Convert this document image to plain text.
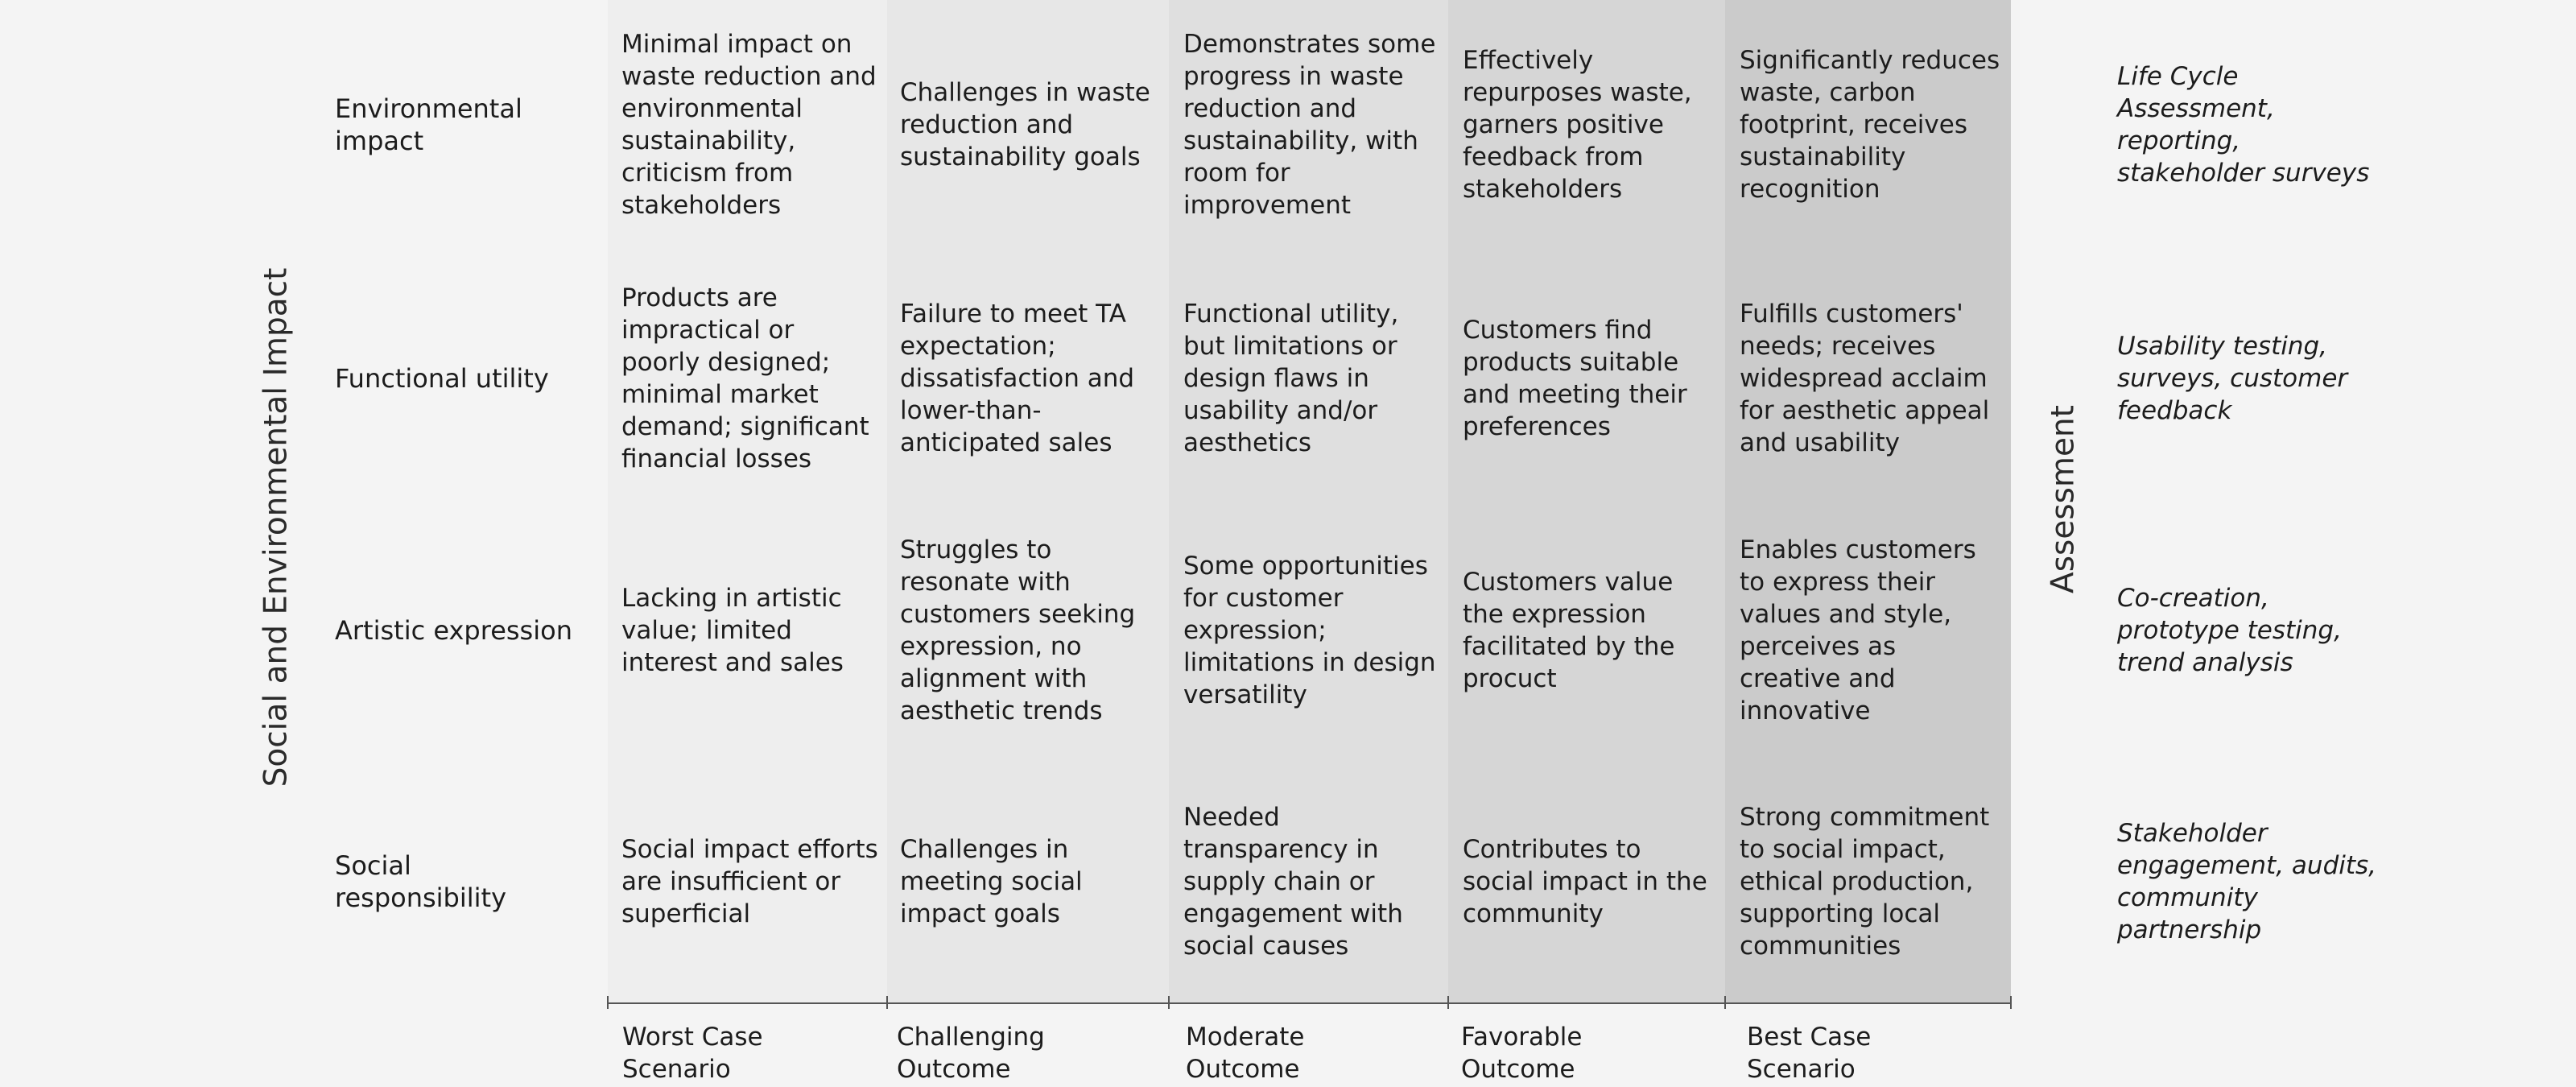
Social and Environmental Impact	Assessment
Environmental impact
Minimal impact on waste reduction and environmental sustainability, criticism from stakeholders
Challenges in waste reduction and sustainability goals
Demonstrates some progress in waste reduction and sustainability, with room for improvement
Effectively repurposes waste, garners positive feedback from stakeholders
Significantly reduces waste, carbon footprint, receives sustainability recognition
Life Cycle Assessment, reporting, stakeholder surveys
Functional utility
Products are impractical or poorly designed; minimal market demand; significant financial losses
Failure to meet TA expectation; dissatisfaction and lower-than-anticipated sales
Functional utility, but limitations or design flaws in usability and/or aesthetics
Customers find products suitable and meeting their preferences
Fulfills customers' needs; receives widespread acclaim for aesthetic appeal and usability
Usability testing, surveys, customer feedback
Artistic expression
Lacking in artistic value; limited interest and sales
Struggles to resonate with customers seeking expression, no alignment with aesthetic trends
Some opportunities for customer expression; limitations in design versatility
Customers value the expression facilitated by the procuct
Enables customers to express their values and style, perceives as creative and innovative
Co-creation, prototype testing, trend analysis
Social responsibility
Social impact efforts are insufficient or superficial
Challenges in meeting social impact goals
Needed transparency in supply chain or engagement with social causes
Contributes to social impact in the community
Strong commitment to social impact, ethical production, supporting local communities
Stakeholder engagement, audits, community partnership
Worst Case Scenario
Challenging Outcome
Moderate Outcome
Favorable Outcome
Best Case Scenario
